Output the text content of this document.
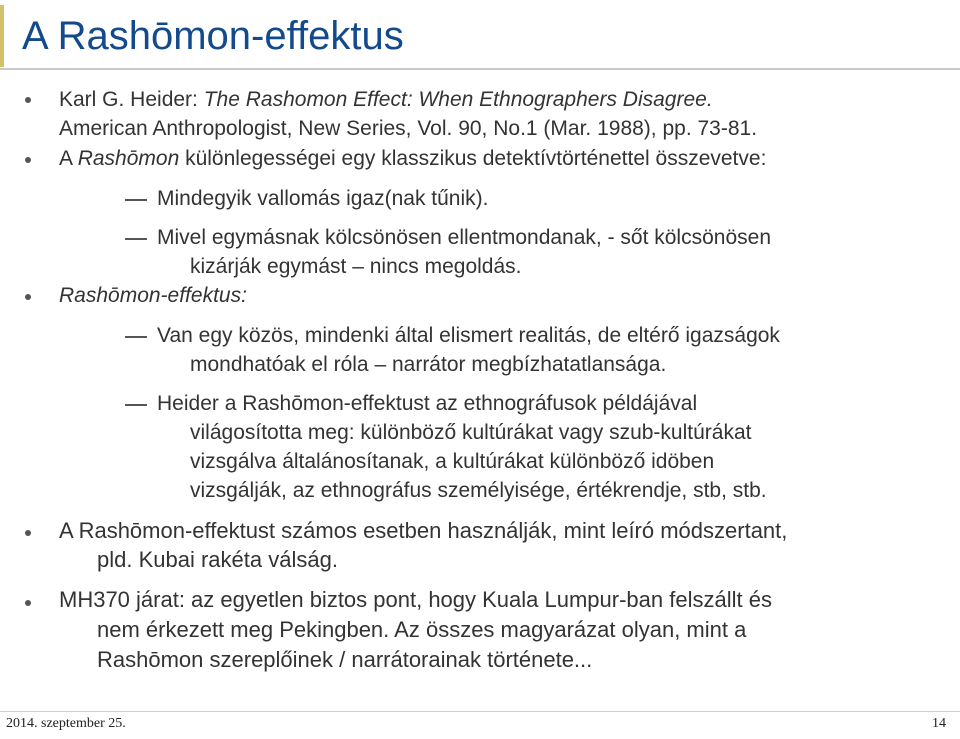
A Rashōmon-effektus
Karl G. Heider: The Rashomon Effect: When Ethnographers Disagree.
American Anthropologist, New Series, Vol. 90, No.1 (Mar. 1988), pp. 73-81.
A Rashōmon különlegességei egy klasszikus detektívtörténettel összevetve:
Mindegyik vallomás igaz(nak tűnik).
Mivel egymásnak kölcsönösen ellentmondanak, - sőt kölcsönösen
kizárják egymást – nincs megoldás.
Rashōmon-effektus:
Van egy közös, mindenki által elismert realitás, de eltérő igazságok
mondhatóak el róla – narrátor megbízhatatlansága.
Heider a Rashōmon-effektust az ethnográfusok példájával
világosította meg: különböző kultúrákat vagy szub-kultúrákat
vizsgálva általánosítanak, a kultúrákat különböző idöben
vizsgálják, az ethnográfus személyisége, értékrendje, stb, stb.
A Rashōmon-effektust számos esetben használják, mint leíró módszertant,
pld. Kubai rakéta válság.
MH370 járat: az egyetlen biztos pont, hogy Kuala Lumpur-ban felszállt és
nem érkezett meg Pekingben. Az összes magyarázat olyan, mint a
Rashōmon szereplőinek / narrátorainak története...
2014. szeptember 25.	14
